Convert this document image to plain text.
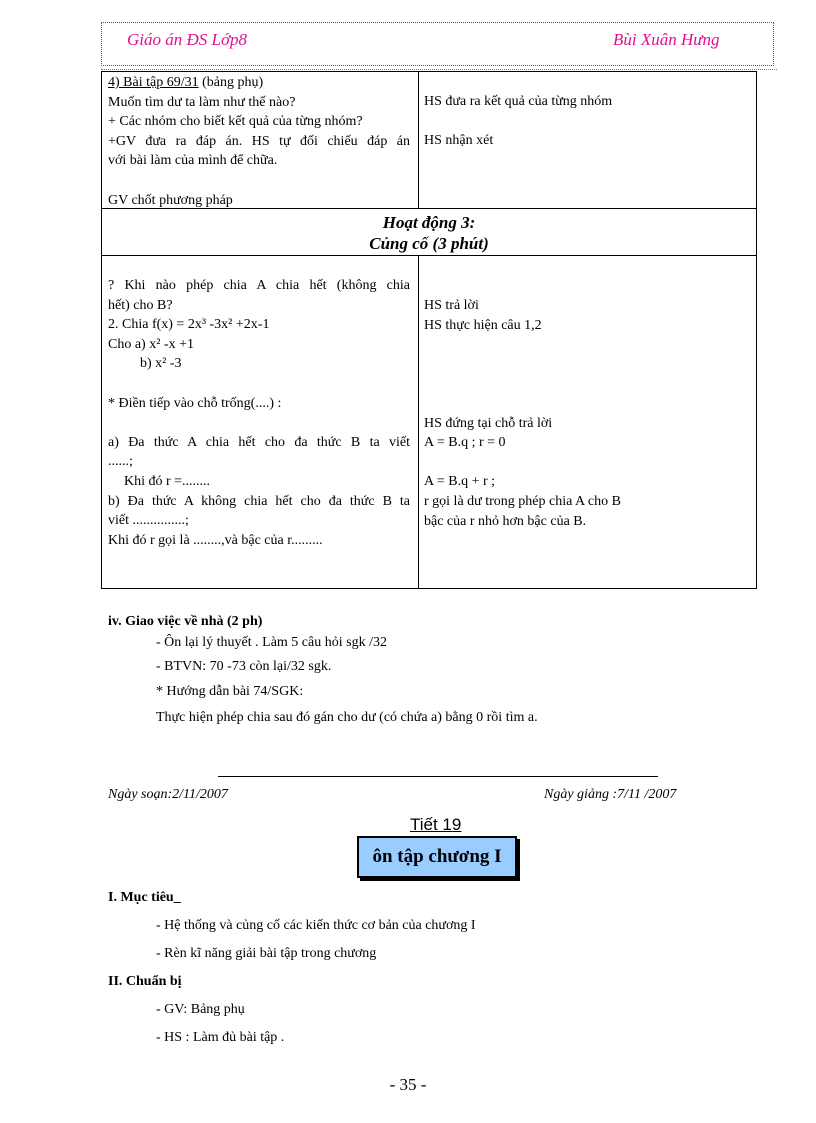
Giáo án ĐS Lớp8	Bùi Xuân Hưng

4) Bài tập 69/31 (bảng phụ)

Muốn tìm dư ta làm như thế nào?

+ Các nhóm cho biết kết quả của từng nhóm?

+GV đưa ra đáp án. HS tự đối chiếu đáp án

với bài làm của mình để chữa.

GV chốt phương pháp

HS đưa ra kết quả của từng nhóm

HS nhận xét

Hoạt động 3:
Củng cố (3 phút)

? Khi nào phép chia A chia hết (không chia

hết) cho B?

2. Chia f(x) = 2x³ -3x² +2x-1

Cho a) x² -x +1

b) x² -3

* Điền tiếp vào chỗ trống(....) :

a) Đa thức A chia hết cho đa thức B ta viết

......;

Khi đó r =........

b) Đa thức A không chia hết cho đa thức B ta

viết ...............;

Khi đó r gọi là ........,và bậc của r.........

HS trả lời

HS thực hiện câu 1,2

HS đứng tại chỗ trả lời

A = B.q ; r = 0

A = B.q + r ;

r gọi là dư trong phép chia A cho B

bậc của r nhỏ hơn bậc của B.

iv. Giao việc về nhà (2 ph)
- Ôn lại lý thuyết . Làm 5 câu hỏi sgk /32
- BTVN: 70 -73 còn lại/32 sgk.
* Hướng dẫn bài 74/SGK:
Thực hiện phép chia sau đó gán cho dư (có chứa a) bằng 0 rồi tìm a.
Ngày soạn:2/11/2007	Ngày giảng :7/11 /2007
Tiết 19
ôn tập chương I
I. Mục tiêu_
- Hệ thống và củng cố các kiến thức cơ bản của chương I
- Rèn kĩ năng giải bài tập trong chương
II. Chuẩn bị
- GV: Bảng phụ
- HS : Làm đủ bài tập .
- 35 -
